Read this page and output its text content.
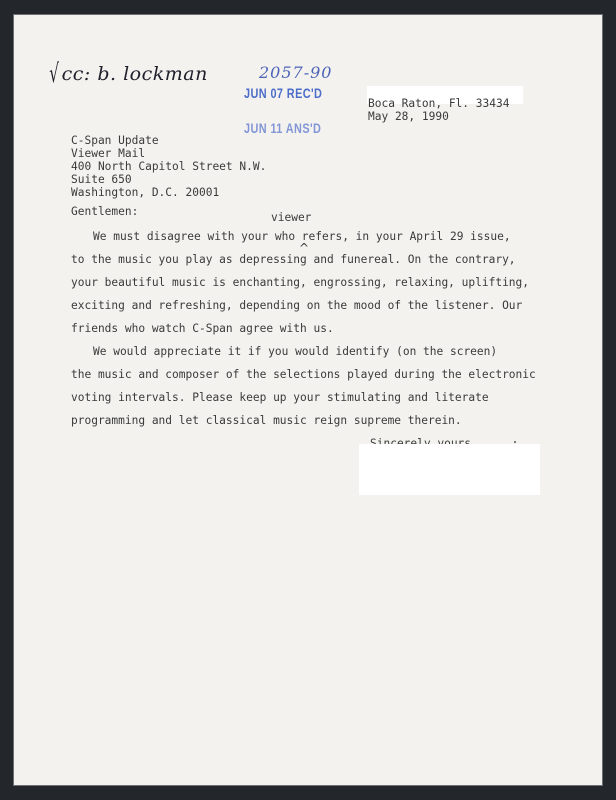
√ cc: b. lockman	2057-90
JUN 07 REC'D
JUN 11 ANS'D
Boca Raton, Fl. 33434
May 28, 1990
C-Span Update
Viewer Mail
400 North Capitol Street N.W.
Suite 650
Washington, D.C. 20001
Gentlemen:	viewer
^
We must disagree with your who refers, in your April 29 issue,
to the music you play as depressing and funereal. On the contrary,
your beautiful music is enchanting, engrossing, relaxing, uplifting,
exciting and refreshing, depending on the mood of the listener. Our
friends who watch C-Span agree with us.
We would appreciate it if you would identify (on the screen)
the music and composer of the selections played during the electronic
voting intervals. Please keep up your stimulating and literate
programming and let classical music reign supreme therein.
